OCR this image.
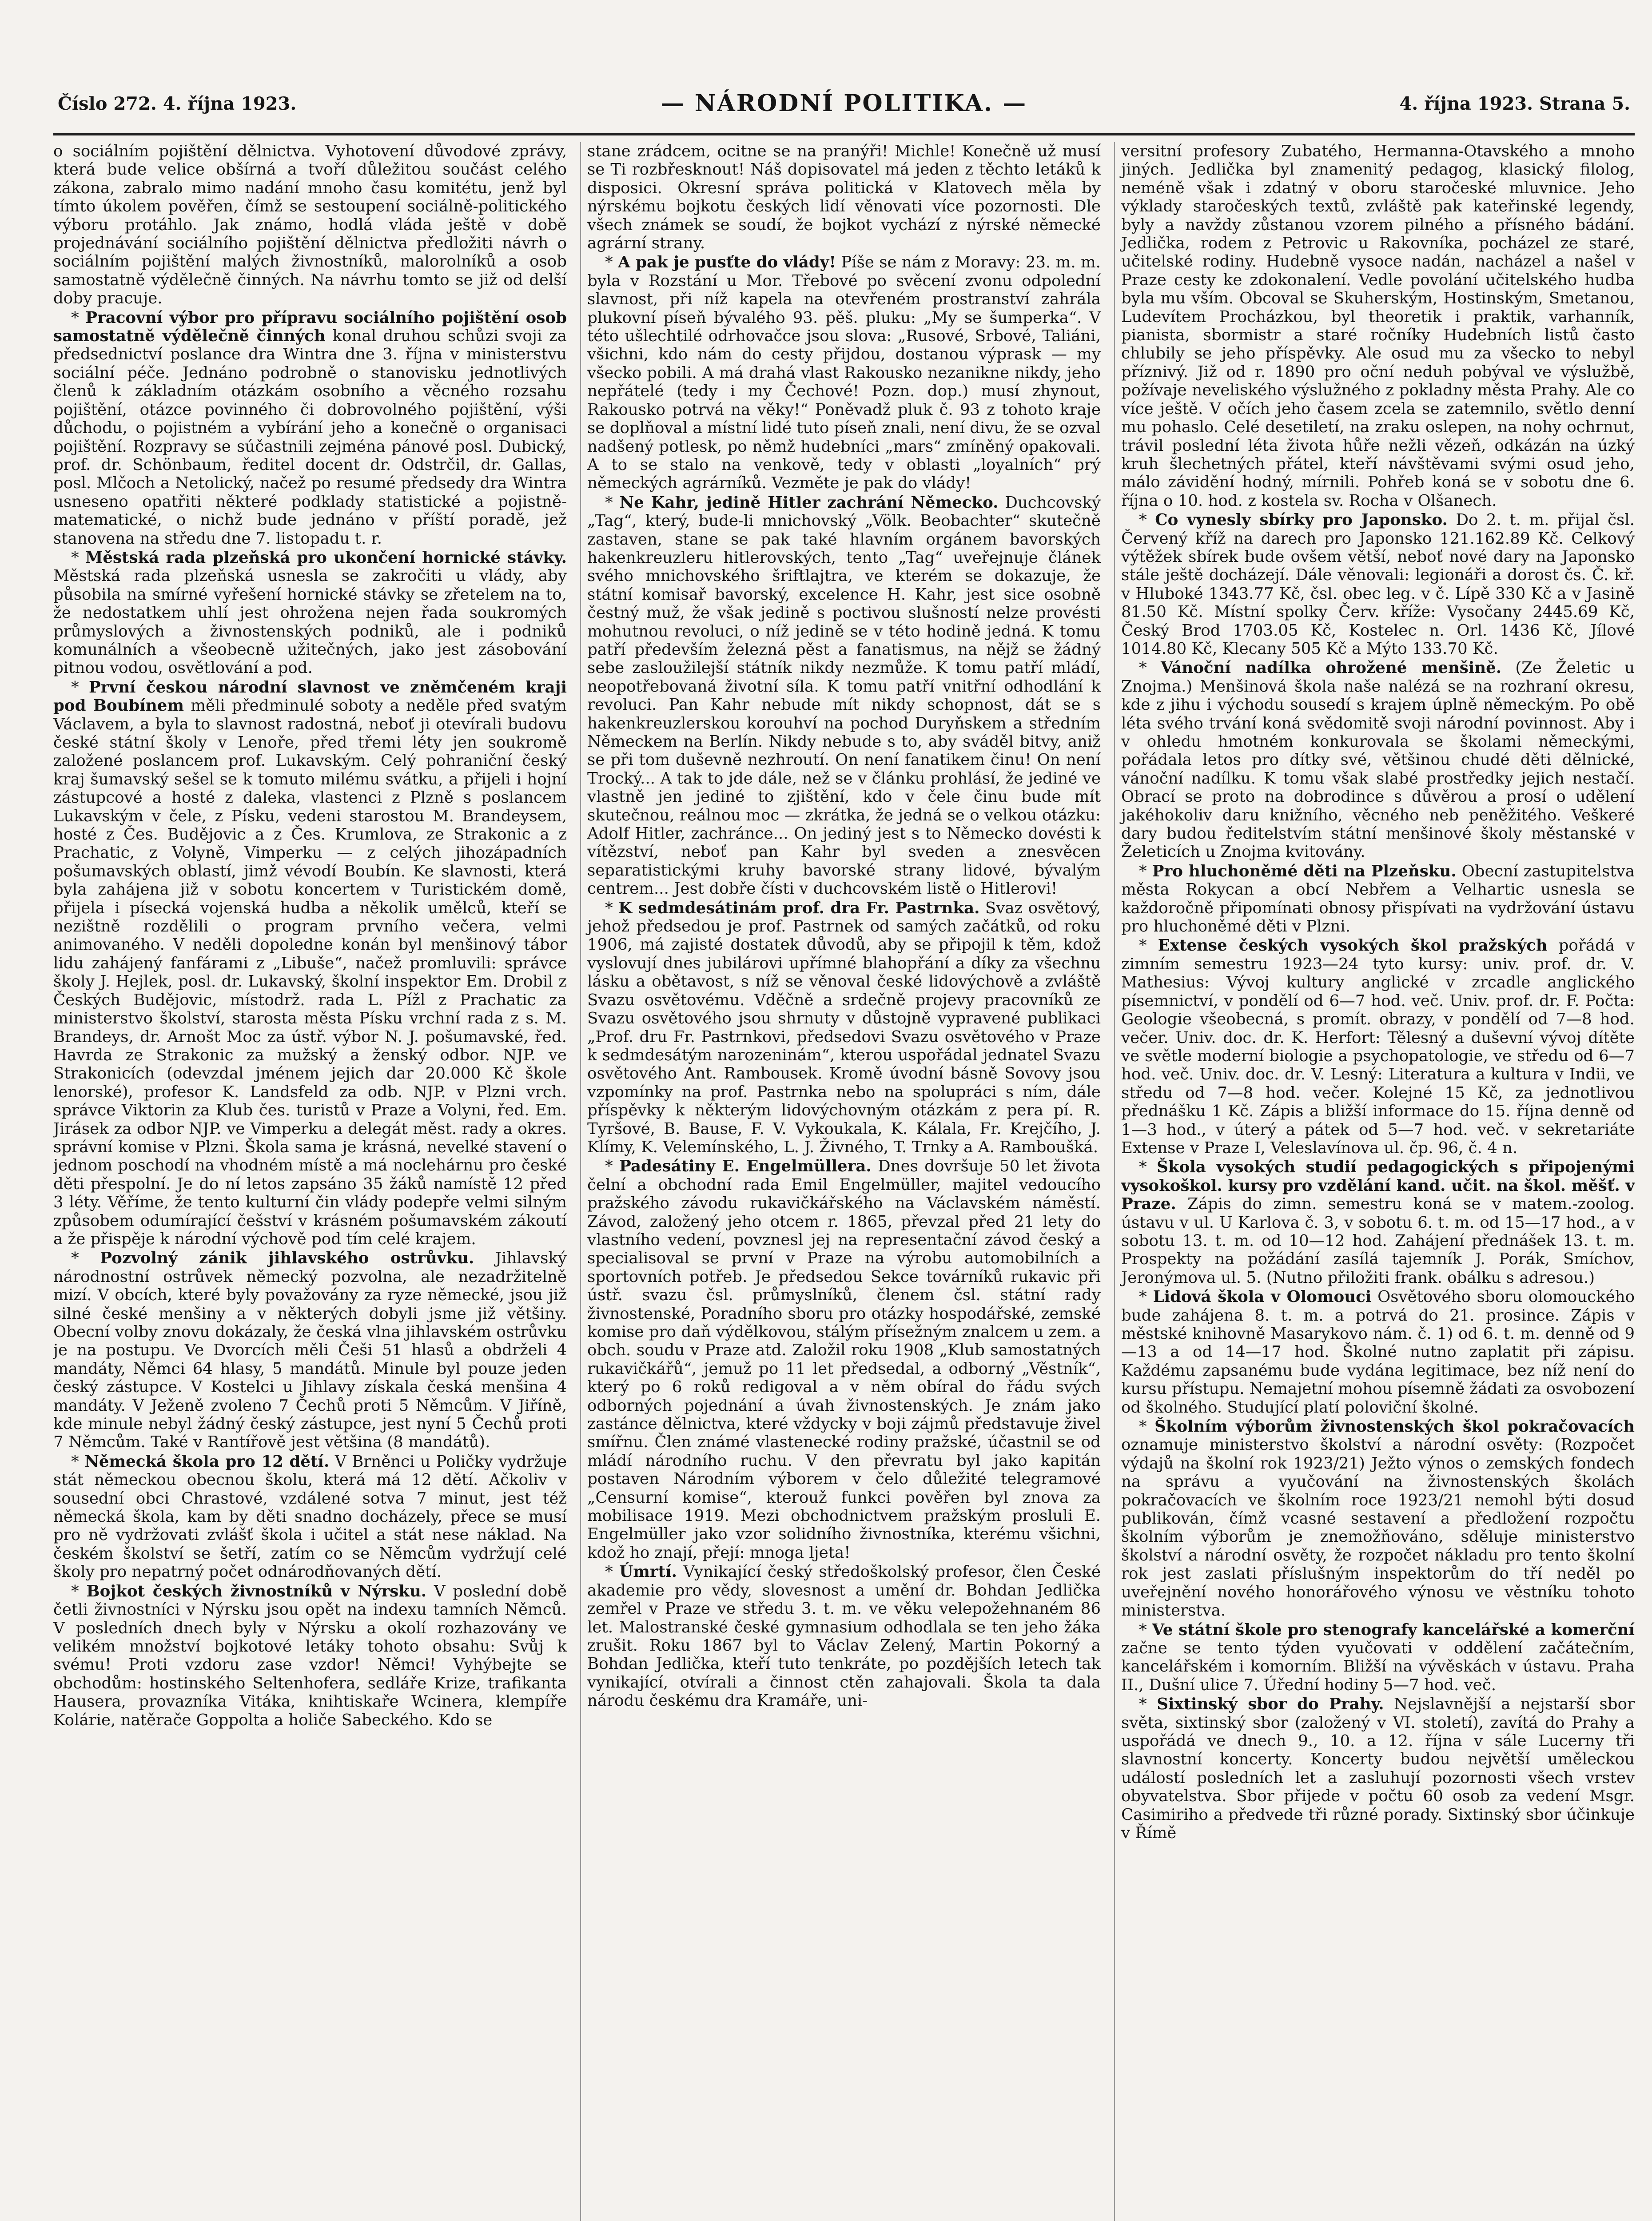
Číslo 272. 4. října 1923.	— NÁRODNÍ POLITIKA. —	4. října 1923. Strana 5.

o sociálním pojištění dělnictva. Vyhotovení důvodové zprávy, která bude velice obšírná a tvoří důležitou součást celého zákona, zabralo mimo nadání mnoho času komitétu, jenž byl tímto úkolem pověřen, čímž se sestoupení sociálně-politického výboru protáhlo. Jak známo, hodlá vláda ještě v době projednávání sociálního pojištění dělnictva předložiti návrh o sociálním pojištění malých živnostníků, malorolníků a osob samostatně výdělečně činných. Na návrhu tomto se již od delší doby pracuje.

* Pracovní výbor pro přípravu sociálního pojištění osob samostatně výdělečně činných konal druhou schůzi svoji za předsednictví poslance dra Wintra dne 3. října v ministerstvu sociální péče. Jednáno podrobně o stanovisku jednotlivých členů k základním otázkám osobního a věcného rozsahu pojištění, otázce povinného či dobrovolného pojištění, výši důchodu, o pojistném a vybírání jeho a konečně o organisaci pojištění. Rozpravy se súčastnili zejména pánové posl. Dubický, prof. dr. Schönbaum, ředitel docent dr. Odstrčil, dr. Gallas, posl. Mlčoch a Netolický, načež po resumé předsedy dra Wintra usneseno opatřiti některé podklady statistické a pojistně-matematické, o nichž bude jednáno v příští poradě, jež stanovena na středu dne 7. listopadu t. r.

* Městská rada plzeňská pro ukončení hornické stávky. Městská rada plzeňská usnesla se zakročiti u vlády, aby působila na smírné vyřešení hornické stávky se zřetelem na to, že nedostatkem uhlí jest ohrožena nejen řada soukromých průmyslových a živnostenských podniků, ale i podniků komunálních a všeobecně užitečných, jako jest zásobování pitnou vodou, osvětlování a pod.

* První českou národní slavnost ve zněmčeném kraji pod Boubínem měli předminulé soboty a neděle před svatým Václavem, a byla to slavnost radostná, neboť ji otevírali budovu české státní školy v Lenoře, před třemi léty jen soukromě založené poslancem prof. Lukavským. Celý pohraniční český kraj šumavský sešel se k tomuto milému svátku, a přijeli i hojní zástupcové a hosté z daleka, vlastenci z Plzně s poslancem Lukavským v čele, z Písku, vedeni starostou M. Brandeysem, hosté z Čes. Budějovic a z Čes. Krumlova, ze Strakonic a z Prachatic, z Volyně, Vimperku — z celých jihozápadních pošumavských oblastí, jimž vévodí Boubín. Ke slavnosti, která byla zahájena již v sobotu koncertem v Turistickém domě, přijela i písecká vojenská hudba a několik umělců, kteří se nezištně rozdělili o program prvního večera, velmi animovaného. V neděli dopoledne konán byl menšinový tábor lidu zahájený fanfárami z „Libuše“, načež promluvili: správce školy J. Hejlek, posl. dr. Lukavský, školní inspektor Em. Drobil z Českých Budějovic, místodrž. rada L. Pížl z Prachatic za ministerstvo školství, starosta města Písku vrchní rada z s. M. Brandeys, dr. Arnošt Moc za ústř. výbor N. J. pošumavské, řed. Havrda ze Strakonic za mužský a ženský odbor. NJP. ve Strakonicích (odevzdal jménem jejich dar 20.000 Kč škole lenorské), profesor K. Landsfeld za odb. NJP. v Plzni vrch. správce Viktorin za Klub čes. turistů v Praze a Volyni, řed. Em. Jirásek za odbor NJP. ve Vimperku a delegát měst. rady a okres. správní komise v Plzni. Škola sama je krásná, nevelké stavení o jednom poschodí na vhodném místě a má noclehárnu pro české děti přespolní. Je do ní letos zapsáno 35 žáků namístě 12 před 3 léty. Věříme, že tento kulturní čin vlády podepře velmi silným způsobem odumírající češství v krásném pošumavském zákoutí a že přispěje k národní výchově pod tím celé krajem.

* Pozvolný zánik jihlavského ostrůvku. Jihlavský národnostní ostrůvek německý pozvolna, ale nezadržitelně mizí. V obcích, které byly považovány za ryze německé, jsou již silné české menšiny a v některých dobyli jsme již většiny. Obecní volby znovu dokázaly, že česká vlna jihlavském ostrůvku je na postupu. Ve Dvorcích měli Češi 51 hlasů a obdrželi 4 mandáty, Němci 64 hlasy, 5 mandátů. Minule byl pouze jeden český zástupce. V Kostelci u Jihlavy získala česká menšina 4 mandáty. V Ježeně zvoleno 7 Čechů proti 5 Němcům. V Jiříně, kde minule nebyl žádný český zástupce, jest nyní 5 Čechů proti 7 Němcům. Také v Rantířově jest většina (8 mandátů).

* Německá škola pro 12 dětí. V Brněnci u Poličky vydržuje stát německou obecnou školu, která má 12 dětí. Ačkoliv v sousední obci Chrastové, vzdálené sotva 7 minut, jest též německá škola, kam by děti snadno docházely, přece se musí pro ně vydržovati zvlášť škola i učitel a stát nese náklad. Na českém školství se šetří, zatím co se Němcům vydržují celé školy pro nepatrný počet odnárodňovaných dětí.

* Bojkot českých živnostníků v Nýrsku. V poslední době četli živnostníci v Nýrsku jsou opět na indexu tamních Němců. V posledních dnech byly v Nýrsku a okolí rozhazovány ve velikém množství bojkotové letáky tohoto obsahu: Svůj k svému! Proti vzdoru zase vzdor! Němci! Vyhýbejte se obchodům: hostinského Seltenhofera, sedláře Krize, trafikanta Hausera, provazníka Vitáka, knihtiskaře Wcinera, klempíře Kolárie, natěrače Goppolta a holiče Sabeckého. Kdo se

stane zrádcem, ocitne se na pranýři! Michle! Konečně už musí se Ti rozbřesknout! Náš dopisovatel má jeden z těchto letáků k disposici. Okresní správa politická v Klatovech měla by nýrskému bojkotu českých lidí věnovati více pozornosti. Dle všech známek se soudí, že bojkot vychází z nýrské německé agrární strany.

* A pak je pusťte do vlády! Píše se nám z Moravy: 23. m. m. byla v Rozstání u Mor. Třebové po svěcení zvonu odpolední slavnost, při níž kapela na otevřeném prostranství zahrála plukovní píseň bývalého 93. pěš. pluku: „My se šumperka“. V této ušlechtilé odrhovačce jsou slova: „Rusové, Srbové, Taliáni, všichni, kdo nám do cesty přijdou, dostanou výprask — my všecko pobili. A má drahá vlast Rakousko nezanikne nikdy, jeho nepřátelé (tedy i my Čechové! Pozn. dop.) musí zhynout, Rakousko potrvá na věky!“ Poněvadž pluk č. 93 z tohoto kraje se doplňoval a místní lidé tuto píseň znali, není divu, že se ozval nadšený potlesk, po němž hudebníci „mars“ zmíněný opakovali. A to se stalo na venkově, tedy v oblasti „loyalních“ prý německých agrárníků. Vezměte je pak do vlády!

* Ne Kahr, jedině Hitler zachrání Německo. Duchcovský „Tag“, který, bude-li mnichovský „Völk. Beobachter“ skutečně zastaven, stane se pak také hlavním orgánem bavorských hakenkreuzleru hitlerovských, tento „Tag“ uveřejnuje článek svého mnichovského šriftlajtra, ve kterém se dokazuje, že státní komisař bavorský, excelence H. Kahr, jest sice osobně čestný muž, že však jedině s poctivou slušností nelze provésti mohutnou revoluci, o níž jedině se v této hodině jedná. K tomu patří především železná pěst a fanatismus, na nějž se žádný sebe zasloužilejší státník nikdy nezmůže. K tomu patří mládí, neopotřebovaná životní síla. K tomu patří vnitřní odhodlání k revoluci. Pan Kahr nebude mít nikdy schopnost, dát se s hakenkreuzlerskou korouhví na pochod Duryňskem a středním Německem na Berlín. Nikdy nebude s to, aby sváděl bitvy, aniž se při tom duševně nezhroutí. On není fanatikem činu! On není Trocký... A tak to jde dále, než se v článku prohlásí, že jediné ve vlastně jen jediné to zjištění, kdo v čele činu bude mít skutečnou, reálnou moc — zkrátka, že jedná se o velkou otázku: Adolf Hitler, zachránce... On jediný jest s to Německo dovésti k vítězství, neboť pan Kahr byl sveden a znesvěcen separatistickými kruhy bavorské strany lidové, bývalým centrem... Jest dobře čísti v duchcovském listě o Hitlerovi!

* K sedmdesátinám prof. dra Fr. Pastrnka. Svaz osvětový, jehož předsedou je prof. Pastrnek od samých začátků, od roku 1906, má zajisté dostatek důvodů, aby se připojil k těm, kdož vyslovují dnes jubilárovi upřímné blahopřání a díky za všechnu lásku a obětavost, s níž se věnoval české lidovýchově a zvláště Svazu osvětovému. Vděčně a srdečně projevy pracovníků ze Svazu osvětového jsou shrnuty v důstojně vypravené publikaci „Prof. dru Fr. Pastrnkovi, předsedovi Svazu osvětového v Praze k sedmdesátým narozeninám“, kterou uspořádal jednatel Svazu osvětového Ant. Rambousek. Kromě úvodní básně Sovovy jsou vzpomínky na prof. Pastrnka nebo na spolupráci s ním, dále příspěvky k některým lidovýchovným otázkám z pera pí. R. Tyršové, B. Bause, F. V. Vykoukala, K. Kálala, Fr. Krejčího, J. Klímy, K. Velemínského, L. J. Živného, T. Trnky a A. Ramboušká.

* Padesátiny E. Engelmüllera. Dnes dovršuje 50 let života čelní a obchodní rada Emil Engelmüller, majitel vedoucího pražského závodu rukavičkářského na Václavském náměstí. Závod, založený jeho otcem r. 1865, převzal před 21 lety do vlastního vedení, povznesl jej na representační závod český a specialisoval se první v Praze na výrobu automobilních a sportovních potřeb. Je předsedou Sekce továrníků rukavic při ústř. svazu čsl. průmyslníků, členem čsl. státní rady živnostenské, Poradního sboru pro otázky hospodářské, zemské komise pro daň výdělkovou, stálým přísežným znalcem u zem. a obch. soudu v Praze atd. Založil roku 1908 „Klub samostatných rukavičkářů“, jemuž po 11 let předsedal, a odborný „Věstník“, který po 6 roků redigoval a v něm obíral do řádu svých odborných pojednání a úvah živnostenských. Je znám jako zastánce dělnictva, které vždycky v boji zájmů představuje živel smířnu. Člen známé vlastenecké rodiny pražské, účastnil se od mládí národního ruchu. V den převratu byl jako kapitán postaven Národním výborem v čelo důležité telegramové „Censurní komise“, kterouž funkci pověřen byl znova za mobilisace 1919. Mezi obchodnictvem pražským prosluli E. Engelmüller jako vzor solidního živnostníka, kterému všichni, kdož ho znají, přejí: mnoga ljeta!

* Úmrtí. Vynikající český středoškolský profesor, člen České akademie pro vědy, slovesnost a umění dr. Bohdan Jedlička zemřel v Praze ve středu 3. t. m. ve věku velepožehnaném 86 let. Malostranské české gymnasium odhodlala se ten jeho žáka zrušit. Roku 1867 byl to Václav Zelený, Martin Pokorný a Bohdan Jedlička, kteří tuto tenkráte, po pozdějších letech tak vynikající, otvírali a činnost ctěn zahajovali. Škola ta dala národu českému dra Kramáře, uni-

versitní profesory Zubatého, Hermanna-Otavského a mnoho jiných. Jedlička byl znamenitý pedagog, klasický filolog, neméně však i zdatný v oboru staročeské mluvnice. Jeho výklady staročeských textů, zvláště pak kateřinské legendy, byly a navždy zůstanou vzorem pilného a přísného bádání. Jedlička, rodem z Petrovic u Rakovníka, pocházel ze staré, učitelské rodiny. Hudebně vysoce nadán, nacházel a našel v Praze cesty ke zdokonalení. Vedle povolání učitelského hudba byla mu vším. Obcoval se Skuherským, Hostinským, Smetanou, Ludevítem Procházkou, byl theoretik i praktik, varhanník, pianista, sbormistr a staré ročníky Hudebních listů často chlubily se jeho příspěvky. Ale osud mu za všecko to nebyl příznivý. Již od r. 1890 pro oční neduh pobýval ve výslužbě, požívaje neveliského výslužného z pokladny města Prahy. Ale co více ještě. V očích jeho časem zcela se zatemnilo, světlo denní mu pohaslo. Celé desetiletí, na zraku oslepen, na nohy ochrnut, trávil poslední léta života hůře nežli vězeň, odkázán na úzký kruh šlechetných přátel, kteří návštěvami svými osud jeho, málo závidění hodný, mírnili. Pohřeb koná se v sobotu dne 6. října o 10. hod. z kostela sv. Rocha v Olšanech.

* Co vynesly sbírky pro Japonsko. Do 2. t. m. přijal čsl. Červený kříž na darech pro Japonsko 121.162.89 Kč. Celkový výtěžek sbírek bude ovšem větší, neboť nové dary na Japonsko stále ještě docházejí. Dále věnovali: legionáři a dorost čs. Č. kř. v Hluboké 1343.77 Kč, čsl. obec leg. v č. Lípě 330 Kč a v Jasině 81.50 Kč. Místní spolky Červ. kříže: Vysočany 2445.69 Kč, Český Brod 1703.05 Kč, Kostelec n. Orl. 1436 Kč, Jílové 1014.80 Kč, Klecany 505 Kč a Mýto 133.70 Kč.

* Vánoční nadílka ohrožené menšině. (Ze Želetic u Znojma.) Menšinová škola naše nalézá se na rozhraní okresu, kde z jihu i východu sousedí s krajem úplně německým. Po obě léta svého trvání koná svědomitě svoji národní povinnost. Aby i v ohledu hmotném konkurovala se školami německými, pořádala letos pro dítky své, většinou chudé děti dělnické, vánoční nadílku. K tomu však slabé prostředky jejich nestačí. Obrací se proto na dobrodince s důvěrou a prosí o udělení jakéhokoliv daru knižního, věcného neb peněžitého. Veškeré dary budou ředitelstvím státní menšinové školy městanské v Želeticích u Znojma kvitovány.

* Pro hluchoněmé děti na Plzeňsku. Obecní zastupitelstva města Rokycan a obcí Nebřem a Velhartic usnesla se každoročně připomínati obnosy přispívati na vydržování ústavu pro hluchoněmé děti v Plzni.

* Extense českých vysokých škol pražských pořádá v zimním semestru 1923—24 tyto kursy: univ. prof. dr. V. Mathesius: Vývoj kultury anglické v zrcadle anglického písemnictví, v pondělí od 6—7 hod. več. Univ. prof. dr. F. Počta: Geologie všeobecná, s promít. obrazy, v pondělí od 7—8 hod. večer. Univ. doc. dr. K. Herfort: Tělesný a duševní vývoj dítěte ve světle moderní biologie a psychopatologie, ve středu od 6—7 hod. več. Univ. doc. dr. V. Lesný: Literatura a kultura v Indii, ve středu od 7—8 hod. večer. Kolejné 15 Kč, za jednotlivou přednášku 1 Kč. Zápis a bližší informace do 15. října denně od 1—3 hod., v úterý a pátek od 5—7 hod. več. v sekretariáte Extense v Praze I, Veleslavínova ul. čp. 96, č. 4 n.

* Škola vysokých studií pedagogických s připojenými vysokoškol. kursy pro vzdělání kand. učit. na škol. měšť. v Praze. Zápis do zimn. semestru koná se v matem.-zoolog. ústavu v ul. U Karlova č. 3, v sobotu 6. t. m. od 15—17 hod., a v sobotu 13. t. m. od 10—12 hod. Zahájení přednášek 13. t. m. Prospekty na požádání zasílá tajemník J. Porák, Smíchov, Jeronýmova ul. 5. (Nutno přiložiti frank. obálku s adresou.)

* Lidová škola v Olomouci Osvětového sboru olomouckého bude zahájena 8. t. m. a potrvá do 21. prosince. Zápis v městské knihovně Masarykovo nám. č. 1) od 6. t. m. denně od 9—13 a od 14—17 hod. Školné nutno zaplatit při zápisu. Každému zapsanému bude vydána legitimace, bez níž není do kursu přístupu. Nemajetní mohou písemně žádati za osvobození od školného. Studující platí poloviční školné.

* Školním výborům živnostenských škol pokračovacích oznamuje ministerstvo školství a národní osvěty: (Rozpočet výdajů na školní rok 1923/21) Ježto výnos o zemských fondech na správu a vyučování na živnostenských školách pokračovacích ve školním roce 1923/21 nemohl býti dosud publikován, čímž vcasné sestavení a předložení rozpočtu školním výborům je znemožňováno, sděluje ministerstvo školství a národní osvěty, že rozpočet nákladu pro tento školní rok jest zaslati příslušným inspektorům do tří neděl po uveřejnění nového honorářového výnosu ve věstníku tohoto ministerstva.

* Ve státní škole pro stenografy kancelářské a komerční začne se tento týden vyučovati v oddělení začátečním, kancelářském i komorním. Bližší na vývěskách v ústavu. Praha II., Dušní ulice 7. Úřední hodiny 5—7 hod. več.

* Sixtinský sbor do Prahy. Nejslavnější a nejstarší sbor světa, sixtinský sbor (založený v VI. století), zavítá do Prahy a uspořádá ve dnech 9., 10. a 12. října v sále Lucerny tři slavnostní koncerty. Koncerty budou největší uměleckou událostí posledních let a zasluhují pozornosti všech vrstev obyvatelstva. Sbor přijede v počtu 60 osob za vedení Msgr. Casimiriho a předvede tři různé porady. Sixtinský sbor účinkuje v Římě
